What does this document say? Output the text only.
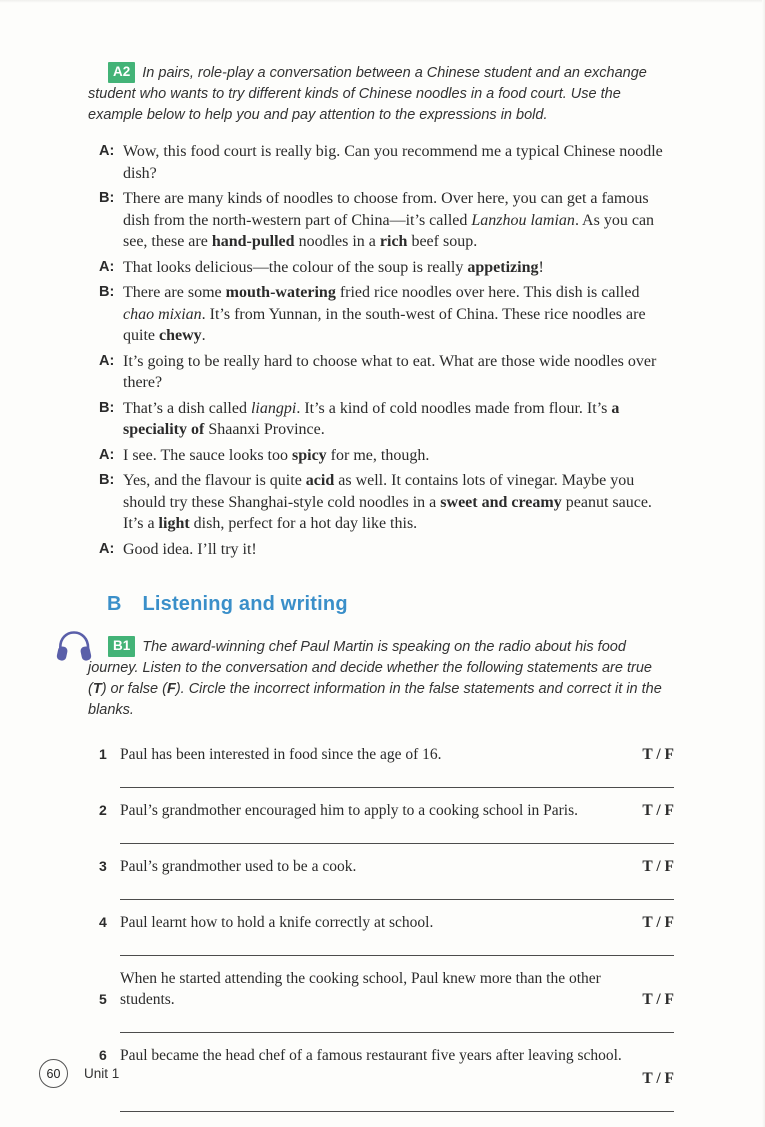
A2 In pairs, role-play a conversation between a Chinese student and an exchange student who wants to try different kinds of Chinese noodles in a food court. Use the example below to help you and pay attention to the expressions in bold.

A: Wow, this food court is really big. Can you recommend me a typical Chinese noodle dish?
B: There are many kinds of noodles to choose from. Over here, you can get a famous dish from the north-western part of China—it’s called Lanzhou lamian. As you can see, these are hand-pulled noodles in a rich beef soup.
A: That looks delicious—the colour of the soup is really appetizing!
B: There are some mouth-watering fried rice noodles over here. This dish is called chao mixian. It’s from Yunnan, in the south-west of China. These rice noodles are quite chewy.
A: It’s going to be really hard to choose what to eat. What are those wide noodles over there?
B: That’s a dish called liangpi. It’s a kind of cold noodles made from flour. It’s a speciality of Shaanxi Province.
A: I see. The sauce looks too spicy for me, though.
B: Yes, and the flavour is quite acid as well. It contains lots of vinegar. Maybe you should try these Shanghai-style cold noodles in a sweet and creamy peanut sauce. It’s a light dish, perfect for a hot day like this.
A: Good idea. I’ll try it!
B Listening and writing

B1 The award-winning chef Paul Martin is speaking on the radio about his food journey. Listen to the conversation and decide whether the following statements are true (T) or false (F). Circle the incorrect information in the false statements and correct it in the blanks.

1 Paul has been interested in food since the age of 16.	T / F
2 Paul’s grandmother encouraged him to apply to a cooking school in Paris.	T / F
3 Paul’s grandmother used to be a cook.	T / F
4 Paul learnt how to hold a knife correctly at school.	T / F
5
When he started attending the cooking school, Paul knew more than the other students.	T / F
6 Paul became the head chef of a famous restaurant five years after leaving school.
T / F
60	Unit 1
